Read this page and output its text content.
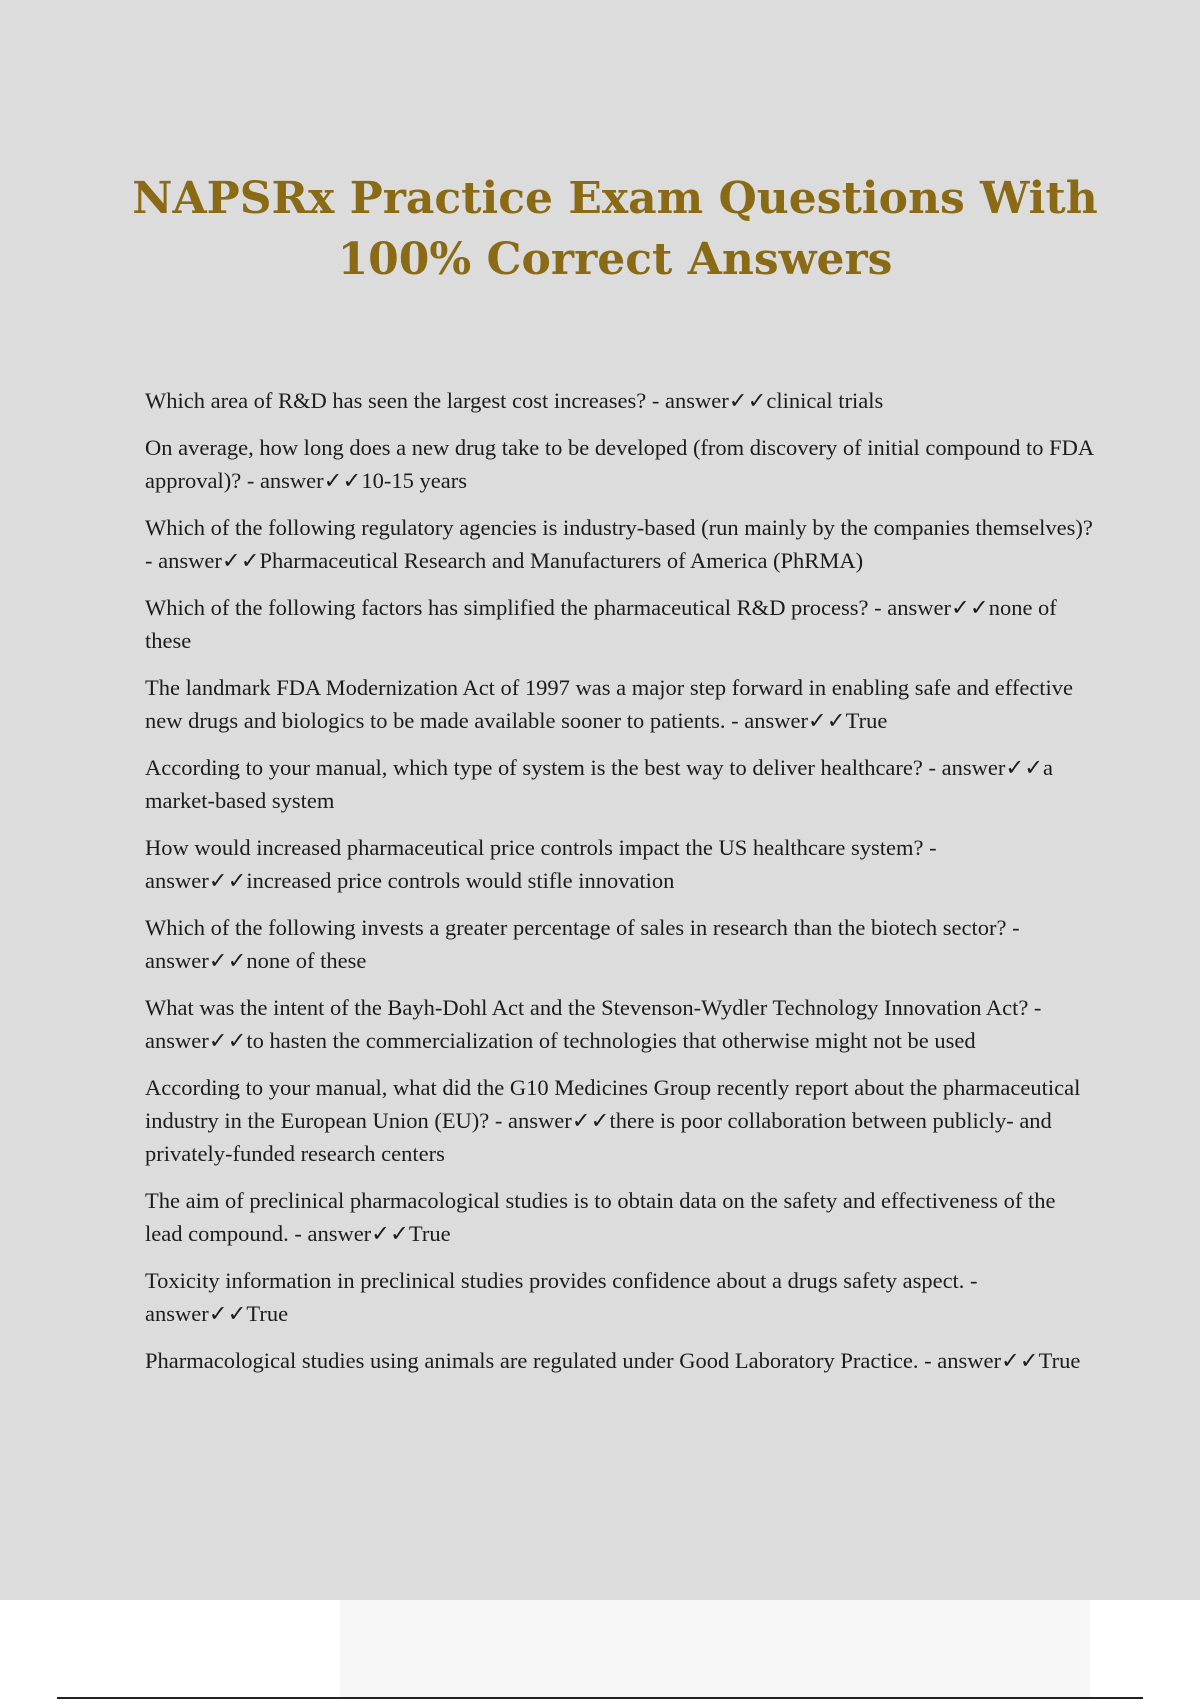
NAPSRx Practice Exam Questions With
100% Correct Answers
Which area of R&D has seen the largest cost increases? - answer✓✓clinical trials
On average, how long does a new drug take to be developed (from discovery of initial compound to FDA approval)? - answer✓✓10-15 years
Which of the following regulatory agencies is industry-based (run mainly by the companies themselves)? - answer✓✓Pharmaceutical Research and Manufacturers of America (PhRMA)
Which of the following factors has simplified the pharmaceutical R&D process? - answer✓✓none of these
The landmark FDA Modernization Act of 1997 was a major step forward in enabling safe and effective new drugs and biologics to be made available sooner to patients. - answer✓✓True
According to your manual, which type of system is the best way to deliver healthcare? - answer✓✓a market-based system
How would increased pharmaceutical price controls impact the US healthcare system? - answer✓✓increased price controls would stifle innovation
Which of the following invests a greater percentage of sales in research than the biotech sector? - answer✓✓none of these
What was the intent of the Bayh-Dohl Act and the Stevenson-Wydler Technology Innovation Act? - answer✓✓to hasten the commercialization of technologies that otherwise might not be used
According to your manual, what did the G10 Medicines Group recently report about the pharmaceutical industry in the European Union (EU)? - answer✓✓there is poor collaboration between publicly- and privately-funded research centers
The aim of preclinical pharmacological studies is to obtain data on the safety and effectiveness of the lead compound. - answer✓✓True
Toxicity information in preclinical studies provides confidence about a drugs safety aspect. - answer✓✓True
Pharmacological studies using animals are regulated under Good Laboratory Practice. - answer✓✓True
